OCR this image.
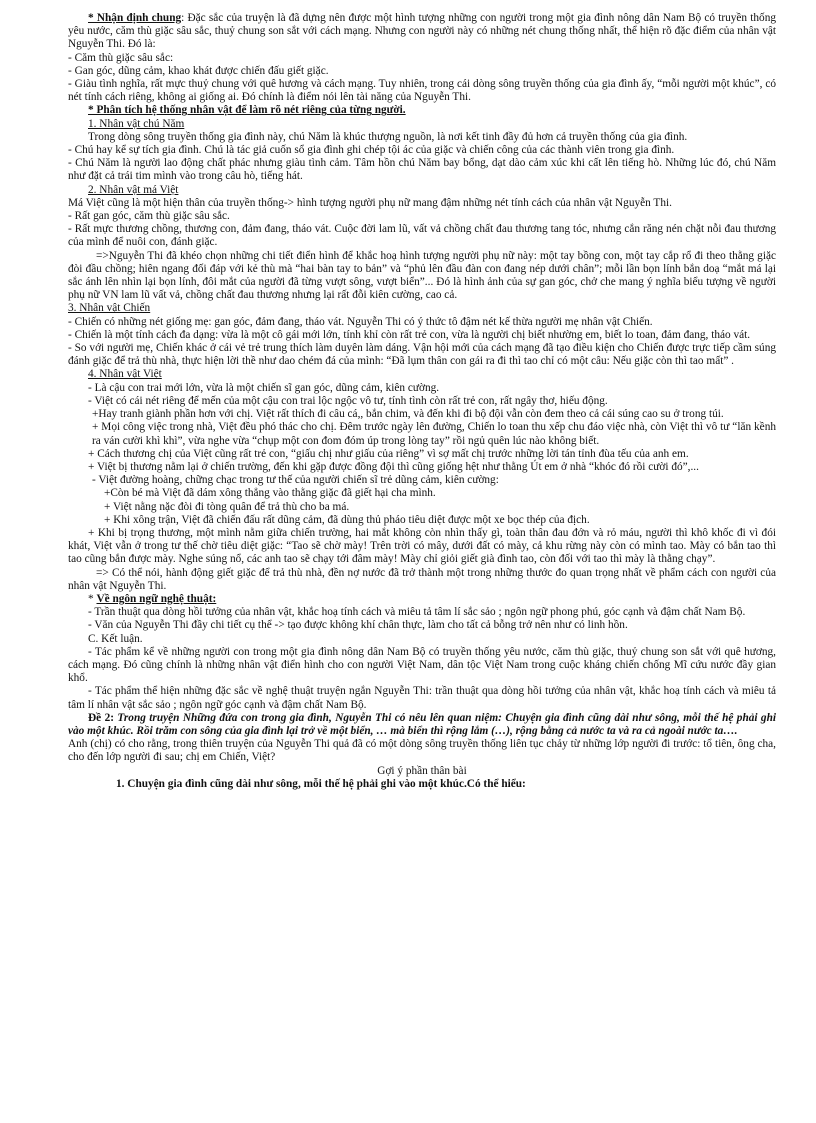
* Nhận định chung: Đặc sắc của truyện là đã dựng nên được một hình tượng những con người trong một gia đình nông dân Nam Bộ có truyền thống yêu nước, căm thù giặc sâu sắc, thuỷ chung son sắt với cách mạng. Nhưng con người này có những nét chung thống nhất, thể hiện rõ đặc điểm của nhân vật Nguyễn Thi. Đó là:

- Căm thù giặc sâu sắc:

- Gan góc, dũng cảm, khao khát được chiến đấu giết giặc.

- Giàu tình nghĩa, rất mực thuỷ chung với quê hương và cách mạng. Tuy nhiên, trong cái dòng sông truyền thống của gia đình ấy, “mỗi người một khúc”, có nét tính cách riêng, không ai giống ai. Đó chính là điểm nói lên tài năng của Nguyễn Thi.

* Phân tích hệ thống nhân vật để làm rõ nét riêng của từng người.

1. Nhân vật chú Năm

Trong dòng sông truyền thống gia đình này, chú Năm là khúc thượng nguồn, là nơi kết tinh đầy đủ hơn cả truyền thống của gia đình.

- Chú hay kể sự tích gia đình. Chú là tác giả cuốn sổ gia đình ghi chép tội ác của giặc và chiến công của các thành viên trong gia đình.

- Chú Năm là người lao động chất phác nhưng giàu tình cảm. Tâm hồn chú Năm bay bổng, dạt dào cảm xúc khi cất lên tiếng hò. Những lúc đó, chú Năm như đặt cả trái tim mình vào trong câu hò, tiếng hát.

2. Nhân vật má Việt

Má Việt cũng là một hiện thân của truyền thống-> hình tượng người phụ nữ mang đậm những nét tính cách của nhân vật Nguyễn Thi.

- Rất gan góc, căm thù giặc sâu sắc.

- Rất mực thương chồng, thương con, đảm đang, tháo vát. Cuộc đời lam lũ, vất vả chồng chất đau thương tang tóc, nhưng cắn răng nén chặt nỗi đau thương của mình để nuôi con, đánh giặc.

=>Nguyễn Thi đã khéo chọn những chi tiết điển hình để khắc hoạ hình tượng người phụ nữ này: một tay bồng con, một tay cắp rổ đi theo thằng giặc đòi đầu chồng; hiên ngang đối đáp với kẻ thù mà “hai bàn tay to bản” và “phủ lên đầu đàn con đang nép dưới chân”; mỗi lần bọn lính bắn doạ “mắt má lại sắc ánh lên nhìn lại bọn lính, đôi mắt của người đã từng vượt sông, vượt biển”... Đó là hình ảnh của sự gan góc, chở che mang ý nghĩa biểu tượng về người phụ nữ VN lam lũ vất vả, chồng chất đau thương nhưng lại rất đỗi kiên cường, cao cả.

3. Nhân vật Chiến

- Chiến có những nét giống mẹ: gan góc, đảm đang, tháo vát. Nguyễn Thi có ý thức tô đậm nét kế thừa người mẹ nhân vật Chiến.

- Chiến là một tính cách đa dạng: vừa là một cô gái mới lớn, tính khỉ còn rất trẻ con, vừa là người chị biết nhường em, biết lo toan, đảm đang, tháo vát.

- So với người mẹ, Chiến khác ở cái vẻ trẻ trung thích làm duyên làm dáng. Vận hội mới của cách mạng đã tạo điều kiện cho Chiến được trực tiếp cầm súng đánh giặc để trả thù nhà, thực hiện lời thề như dao chém đá của mình: “Đã lụm thân con gái ra đi thì tao chỉ có một câu: Nếu giặc còn thì tao mất” .

4. Nhân vật Việt

- Là cậu con trai mới lớn, vừa là một chiến sĩ gan góc, dũng cảm, kiên cường.

- Việt có cái nét riêng để mến của một cậu con trai lộc ngộc vô tư, tính tình còn rất trẻ con, rất ngây thơ, hiếu động.

+Hay tranh giành phần hơn với chị. Việt rất thích đi câu cá,, bắn chim, và đến khi đi bộ đội vẫn còn đem theo cả cái súng cao su ở trong túi.

+ Mọi công việc trong nhà, Việt đều phó thác cho chị. Đêm trước ngày lên đường, Chiến lo toan thu xếp chu đáo việc nhà, còn Việt thì vô tư “lăn kềnh ra ván cười khì khì”, vừa nghe vừa “chụp một con đom đóm úp trong lòng tay” rồi ngủ quên lúc nào không biết.

+ Cách thương chị của Việt cũng rất trẻ con, “giấu chị như giấu của riêng” vì sợ mất chị trước những lời tán tỉnh đùa tếu của anh em.

+ Việt bị thương nằm lại ở chiến trường, đến khi gặp được đồng đội thì cũng giống hệt như thằng Út em ở nhà “khóc đó rồi cười đó”,...

- Việt đường hoàng, chững chạc trong tư thế của người chiến sĩ trẻ dũng cảm, kiên cường:

+Còn bé mà Việt đã dám xông thẳng vào thằng giặc đã giết hại cha mình.

+ Việt nằng nặc đòi đi tòng quân để trả thù cho ba má.

+ Khi xông trận, Việt đã chiến đấu rất dũng cảm, đã dùng thủ pháo tiêu diệt được một xe bọc thép của địch.

+ Khi bị trọng thương, một mình nằm giữa chiến trường, hai mắt không còn nhìn thấy gì, toàn thân đau đớn và rỏ máu, người thì khô khốc đi vì đói khát, Việt vẫn ở trong tư thế chờ tiêu diệt giặc: “Tao sẽ chờ mày! Trên trời có mây, dưới đất có mày, cả khu rừng này còn có mình tao. Mày có bắn tao thì tao cũng bắn được mày. Nghe súng nổ, các anh tao sẽ chạy tới đâm mày! Mày chỉ giỏi giết già đình tao, còn đối với tao thì mày là thằng chạy”.

=> Có thể nói, hành động giết giặc để trả thù nhà, đền nợ nước đã trở thành một trong những thước đo quan trọng nhất về phẩm cách con người của nhân vật Nguyễn Thi.

* Về ngôn ngữ nghệ thuật:

- Trần thuật qua dòng hồi tưởng của nhân vật, khắc hoạ tính cách và miêu tả tâm lí sắc sảo ; ngôn ngữ phong phú, góc cạnh và đậm chất Nam Bộ.

- Văn của Nguyễn Thi đầy chi tiết cụ thể -> tạo được không khí chân thực, làm cho tất cả bỗng trở nên như có linh hồn.

C. Kết luận.

- Tác phẩm kể về những người con trong một gia đình nông dân Nam Bộ có truyền thống yêu nước, căm thù giặc, thuỷ chung son sắt với quê hương, cách mạng. Đó cũng chính là những nhân vật điển hình cho con người Việt Nam, dân tộc Việt Nam trong cuộc kháng chiến chống Mĩ cứu nước đầy gian khổ.

- Tác phẩm thể hiện những đặc sắc về nghệ thuật truyện ngắn Nguyễn Thi: trần thuật qua dòng hồi tưởng của nhân vật, khắc hoạ tính cách và miêu tả tâm lí nhân vật sắc sảo ; ngôn ngữ góc cạnh và đậm chất Nam Bộ.

Đề 2: Trong truyện Những đứa con trong gia đình, Nguyễn Thi có nêu lên quan niệm: Chuyện gia đình cũng dài như sông, mỗi thế hệ phải ghi vào một khúc. Rồi trăm con sông của gia đình lại trở về một biển, … mà biển thì rộng lắm (…), rộng bằng cả nước ta và ra cả ngoài nước ta….

Anh (chị) có cho rằng, trong thiên truyện của Nguyễn Thi quả đã có một dòng sông truyền thống liên tục chảy từ những lớp người đi trước: tổ tiên, ông cha, cho đến lớp người đi sau; chị em Chiến, Việt?

Gợi ý phần thân bài

1. Chuyện gia đình cũng dài như sông, mỗi thế hệ phải ghi vào một khúc.Có thể hiểu:
